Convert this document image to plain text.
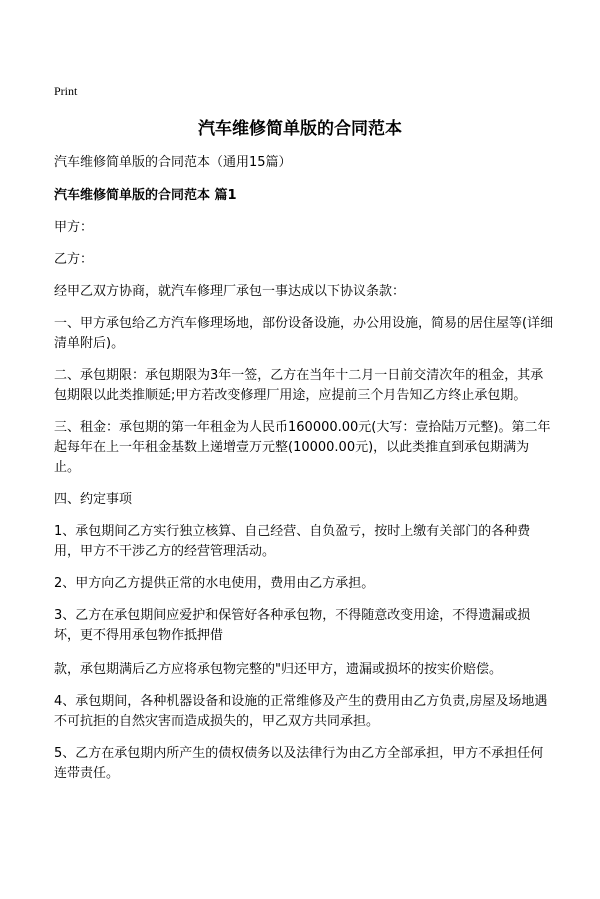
Print
汽车维修简单版的合同范本

汽车维修简单版的合同范本（通用15篇）

汽车维修简单版的合同范本 篇1

甲方：

乙方：

经甲乙双方协商，就汽车修理厂承包一事达成以下协议条款：

一、甲方承包给乙方汽车修理场地，部份设备设施，办公用设施，简易的居住屋等(详细清单附后)。

二、承包期限：承包期限为3年一签，乙方在当年十二月一日前交清次年的租金，其承包期限以此类推顺延;甲方若改变修理厂用途，应提前三个月告知乙方终止承包期。

三、租金：承包期的第一年租金为人民币160000.00元(大写：壹拾陆万元整)。第二年起每年在上一年租金基数上递增壹万元整(10000.00元)，以此类推直到承包期满为止。

四、约定事项

1、承包期间乙方实行独立核算、自己经营、自负盈亏，按时上缴有关部门的各种费用，甲方不干涉乙方的经营管理活动。

2、甲方向乙方提供正常的水电使用，费用由乙方承担。

3、乙方在承包期间应爱护和保管好各种承包物，不得随意改变用途，不得遗漏或损坏，更不得用承包物作抵押借

款，承包期满后乙方应将承包物完整的"归还甲方，遗漏或损坏的按实价赔偿。

4、承包期间，各种机器设备和设施的正常维修及产生的费用由乙方负责,房屋及场地遇不可抗拒的自然灾害而造成损失的，甲乙双方共同承担。

5、乙方在承包期内所产生的债权债务以及法律行为由乙方全部承担，甲方不承担任何连带责任。
